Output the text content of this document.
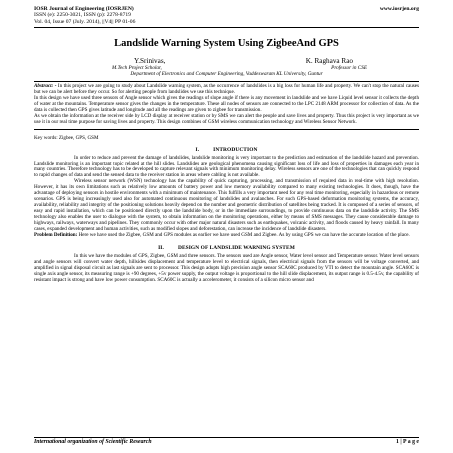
IOSR Journal of Engineering (IOSRJEN)
ISSN (e): 2250-3021, ISSN (p): 2278-8719
Vol. 04, Issue 07 (July. 2014), ||V4|| PP 01-06
www.iosrjen.org
Landslide Warning System Using ZigbeeAnd GPS
Y.Srinivas,	K. Raghava Rao
M.Tech Project Scholar,	Professor in CSE
Department of Electronics and Computer Engineering, Vaddeswaram KL University, Guntur

Abstract: - In this project we are going to study about Landslide warning system, as the occurrence of landslides is a big loss for human life and property. We can't stop the natural causes but we can be alert before they occur. So for alerting people from landslides we use this technique.

In this design we have used three sensors of Angle sensor which gives the readings of slope angle if there is any movement in landslide and we have Liquid level sensor it collects the depth of water at the mountains. Temperature sensor gives the changes in the temperature. These all nodes of sensors are connected to the LPC 2148 ARM processor for collection of data. As the data is collected then GPS gives latitude and longitude and all the readings are given to zigbee for transmission.

As we obtain the information at the receiver side by LCD display at receiver station or by SMS we can alert the people and save lives and property. Thus this project is very important as we use it in our real time purpose for saving lives and property. This design combines of GSM wireless communication technology and Wireless Sensor Network.

Key words: Zigbee, GPS, GSM
I.	INTRODUCTION

In order to reduce and prevent the damage of landslides, landslide monitoring is very important to the prediction and estimation of the landslide hazard and prevention. Landslide monitoring is an important topic related at the hill slides. Landslides are geological phenomena causing significant loss of life and loss of properties in damages each year in many countries. Therefore technology has to be developed to capture relevant signals with minimum monitoring delay. Wireless sensors are one of the technologies that can quickly respond to rapid changes of data and send the sensed data to the receiver station in areas where cabling is not available.

Wireless sensor network (WSN) technology has the capability of quick capturing, processing, and transmission of required data in real-time with high resolution. However, it has its own limitations such as relatively low amounts of battery power and low memory availability compared to many existing technologies. It does, though, have the advantage of deploying sensors in hostile environments with a minimum of maintenance. This fulfills a very important need for any real time monitoring, especially in hazardous or remote scenarios. GPS is being increasingly used also for automated continuous monitoring of landslides and avalanches. For such GPS-based deformation monitoring systems, the accuracy, availability, reliability and integrity of the positioning solutions heavily depend on the number and geometric distribution of satellites being tracked. It is composed of a series of sensors, of easy and rapid installation, which can be positioned directly upon the landslide body, or in the immediate surroundings, to provide continuous data on the landslide activity. The SMS technology also enables the user to dialogue with the system, to obtain information on the monitoring operations, either by means of SMS messages. They cause considerable damage to highways, railways, waterways and pipelines. They commonly occur with other major natural disasters such as earthquakes, volcanic activity, and floods caused by heavy rainfall. In many cases, expanded development and human activities, such as modified slopes and deforestation, can increase the incidence of landslide disasters.

Problem Definition: Here we have used the Zigbee, GSM and GPS modules as earlier we have used GSM and Zigbee. As by using GPS we can have the accurate location of the place.

II.	DESIGN OF LANDSLIDE WARNING SYSTEM

In this we have the modules of GPS, Zigbee, GSM and three sensors. The sensors used are Angle sensor, Water level sensor and Temperature sensor. Water level sensors and angle sensors will convert water depth, hillsides displacement and temperature level to electrical signals, then electrical signals from the sensors will be voltage converted, and amplified in signal disposal circuit as last signals are sent to processor. This design adopts high precision angle sensor SCA60C produced by VTI to detect the mountain angle. SCA60C is single axis angle sensor, its measuring range is +90 degrees, +5v power supply, the output voltage is proportional to the hill slide displacement, its output range is 0.5-4.5v, the capability of resistant impact is strong and have low power consumption. SCA60C is actually a accelerometer, it consists of a silicon micro sensor and

International organization of Scientific Research	1 | P a g e
